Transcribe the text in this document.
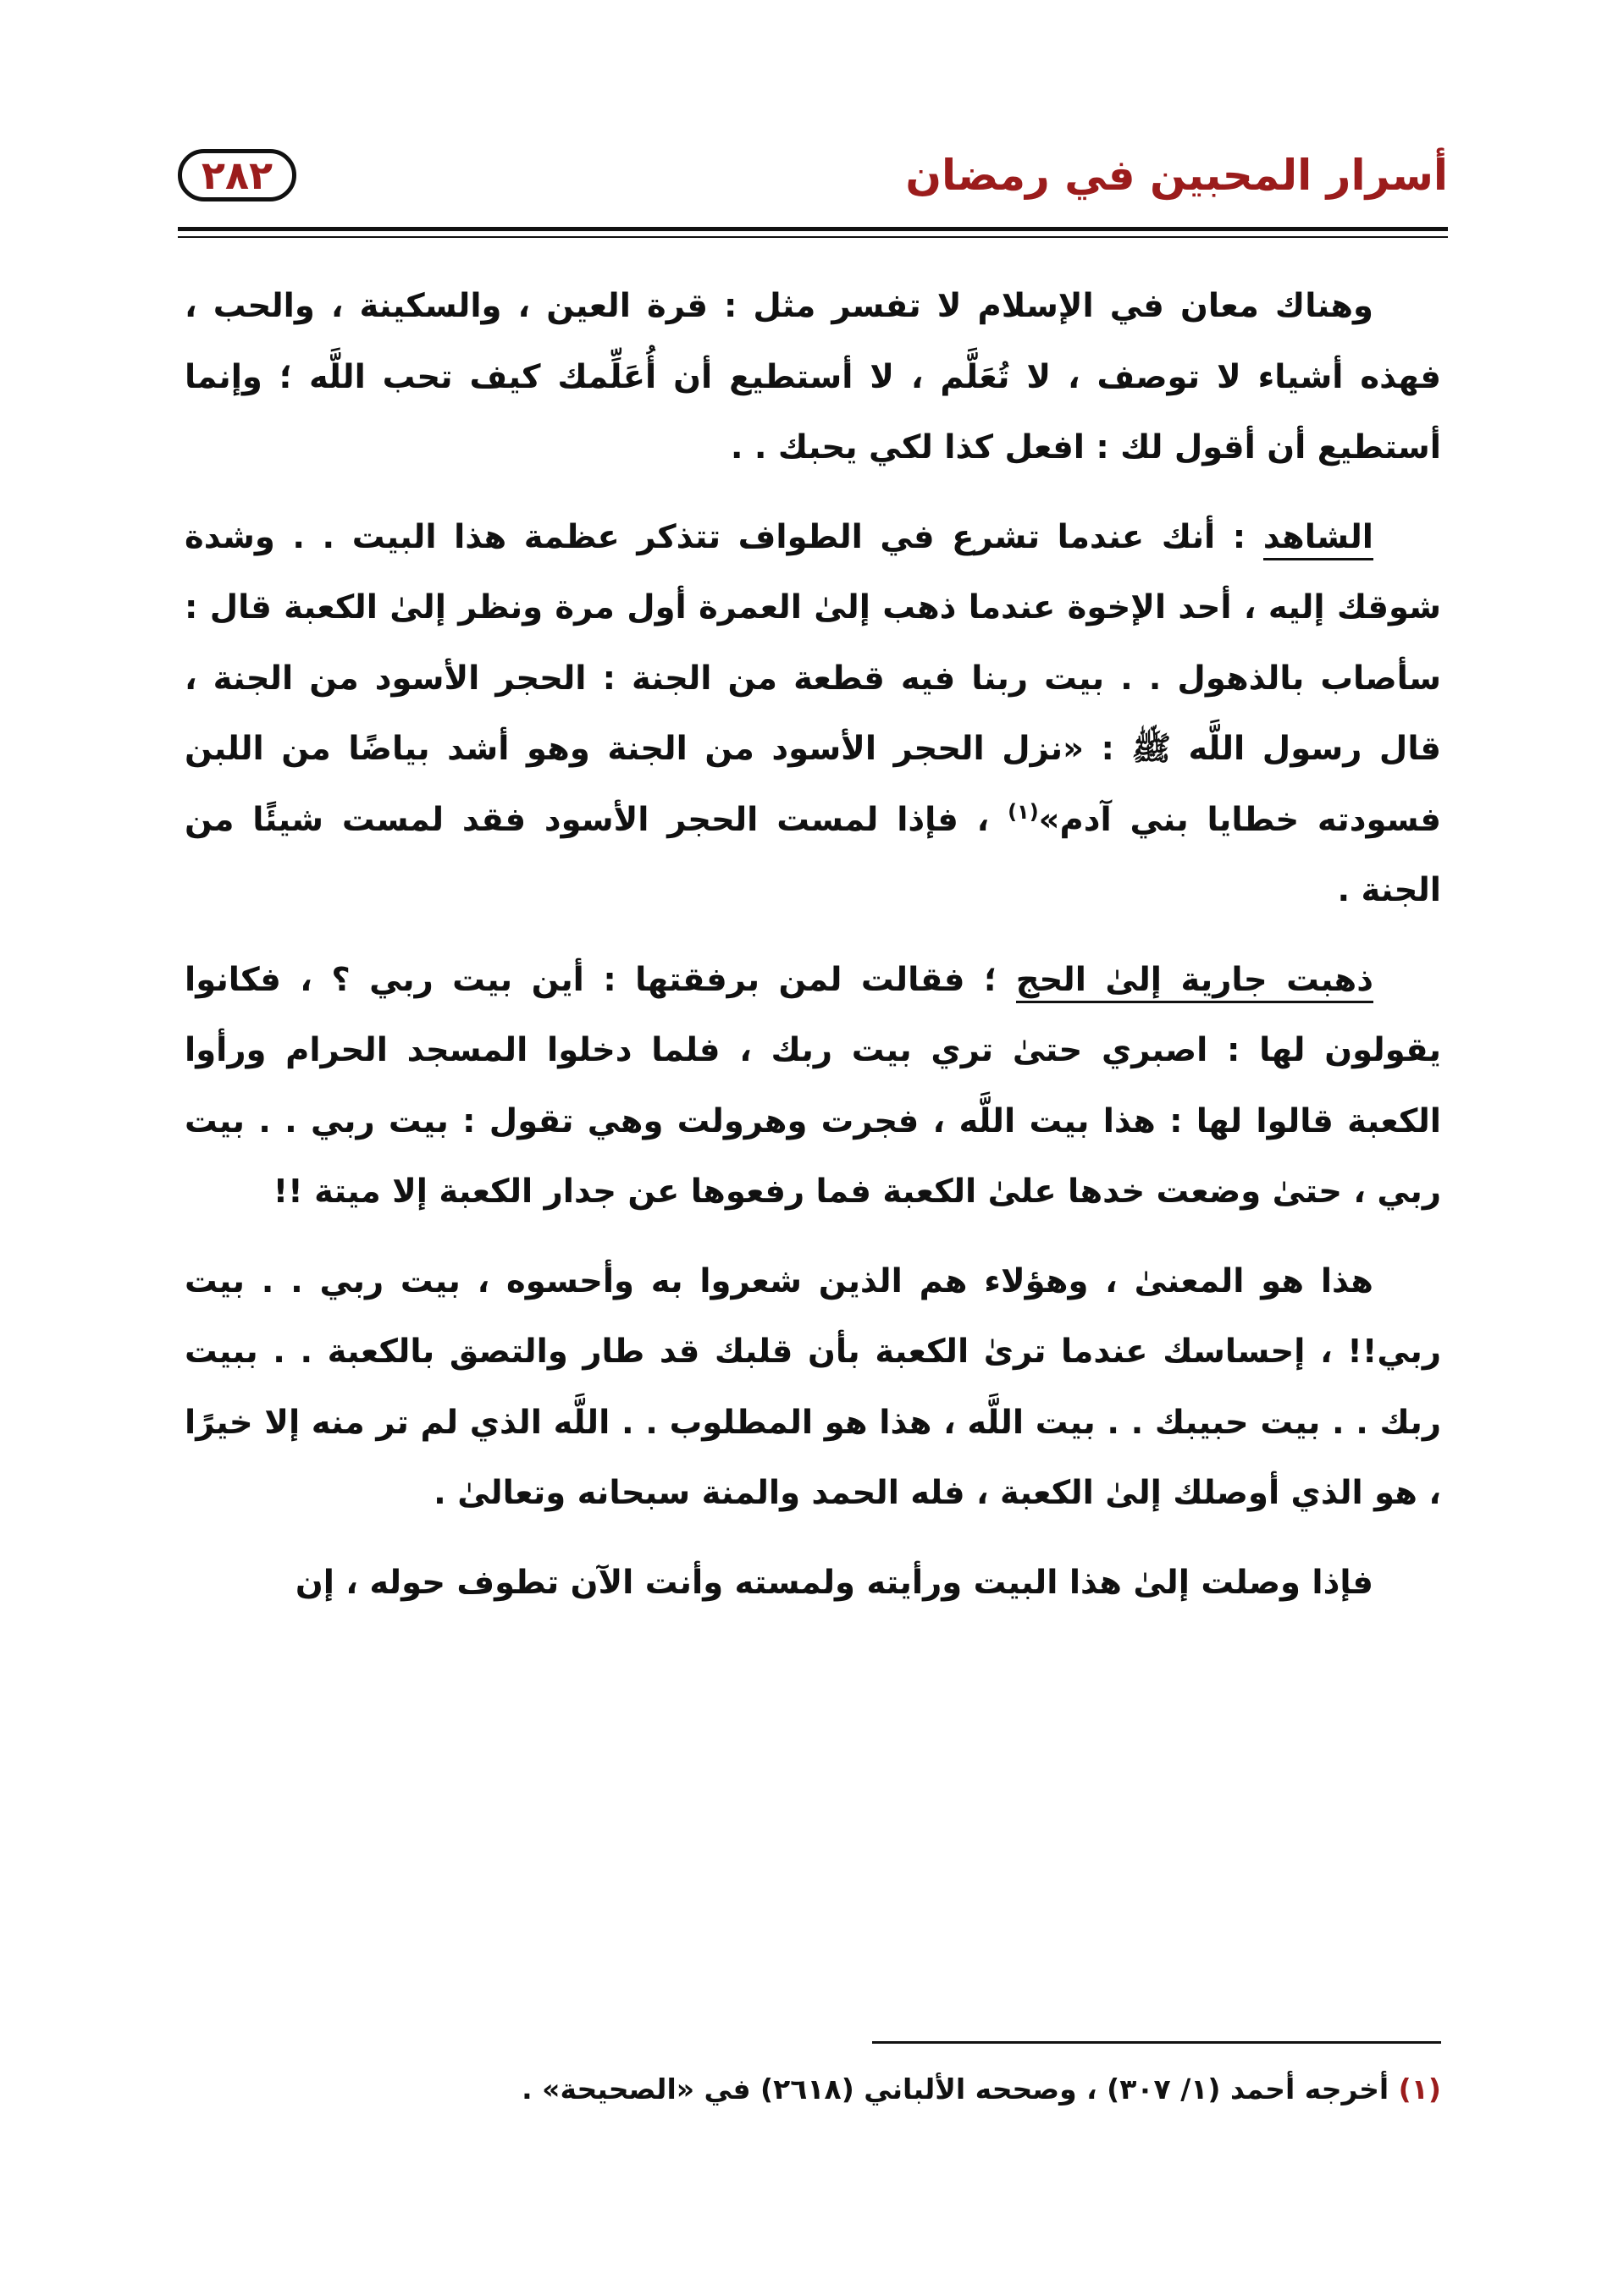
أسرار المحبين في رمضان
٢٨٢

وهناك معان في الإسلام لا تفسر مثل : قرة العين ، والسكينة ، والحب ، فهذه أشياء لا توصف ، لا تُعَلَّم ، لا أستطيع أن أُعَلِّمك كيف تحب اللَّه ؛ وإنما أستطيع أن أقول لك : افعل كذا لكي يحبك . .

الشاهد : أنك عندما تشرع في الطواف تتذكر عظمة هذا البيت . . وشدة شوقك إليه ، أحد الإخوة عندما ذهب إلىٰ العمرة أول مرة ونظر إلىٰ الكعبة قال : سأصاب بالذهول . . بيت ربنا فيه قطعة من الجنة : الحجر الأسود من الجنة ، قال رسول اللَّه ﷺ : «نزل الحجر الأسود من الجنة وهو أشد بياضًا من اللبن فسودته خطايا بني آدم»$^{(١)}$ ، فإذا لمست الحجر الأسود فقد لمست شيئًا من الجنة .

ذهبت جارية إلىٰ الحج ؛ فقالت لمن برفقتها : أين بيت ربي ؟ ، فكانوا يقولون لها : اصبري حتىٰ تري بيت ربك ، فلما دخلوا المسجد الحرام ورأوا الكعبة قالوا لها : هذا بيت اللَّه ، فجرت وهرولت وهي تقول : بيت ربي . . بيت ربي ، حتىٰ وضعت خدها علىٰ الكعبة فما رفعوها عن جدار الكعبة إلا ميتة !!

هذا هو المعنىٰ ، وهؤلاء هم الذين شعروا به وأحسوه ، بيت ربي . . بيت ربي!! ، إحساسك عندما ترىٰ الكعبة بأن قلبك قد طار والتصق بالكعبة . . ببيت ربك . . بيت حبيبك . . بيت اللَّه ، هذا هو المطلوب . . اللَّه الذي لم تر منه إلا خيرًا ، هو الذي أوصلك إلىٰ الكعبة ، فله الحمد والمنة سبحانه وتعالىٰ .

فإذا وصلت إلىٰ هذا البيت ورأيته ولمسته وأنت الآن تطوف حوله ، إن

(١) أخرجه أحمد (١/ ٣٠٧) ، وصححه الألباني (٢٦١٨) في «الصحيحة» .
